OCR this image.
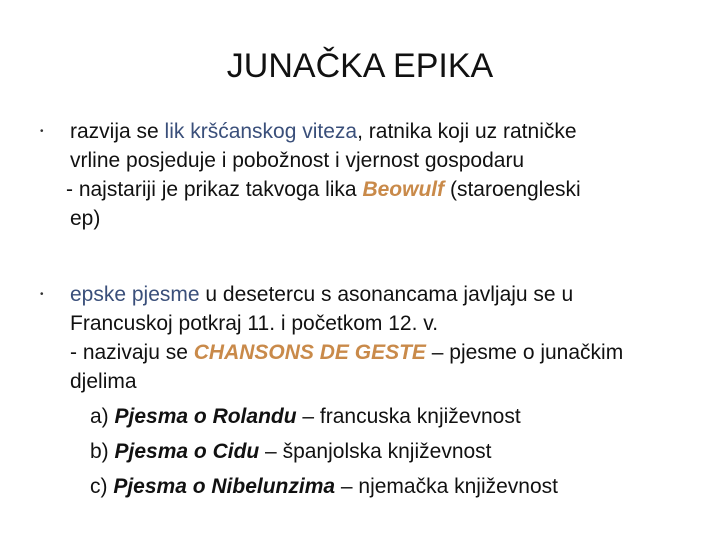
JUNAČKA EPIKA
• razvija se lik kršćanskog viteza, ratnika koji uz ratničke
vrline posjeduje i pobožnost i vjernost gospodaru
- najstariji je prikaz takvoga lika Beowulf (staroengleski
ep)
• epske pjesme u desetercu s asonancama javljaju se u
Francuskoj potkraj 11. i početkom 12. v.
- nazivaju se CHANSONS DE GESTE – pjesme o junačkim
djelima
a) Pjesma o Rolandu – francuska književnost
b) Pjesma o Cidu – španjolska književnost
c) Pjesma o Nibelunzima – njemačka književnost
